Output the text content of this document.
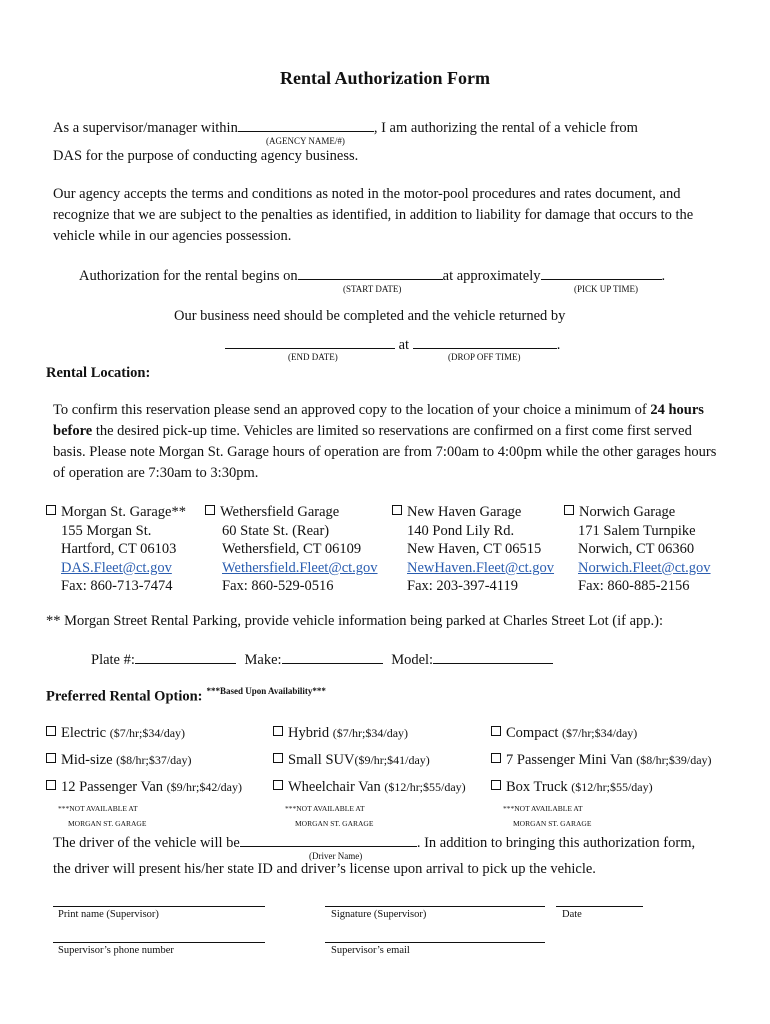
Rental Authorization Form
As a supervisor/manager within	, I am authorizing the rental of a vehicle from
(AGENCY NAME/#)
DAS for the purpose of conducting agency business.
Our agency accepts the terms and conditions as noted in the motor-pool procedures and rates document, and recognize that we are subject to the penalties as identified, in addition to liability for damage that occurs to the vehicle while in our agencies possession.
Authorization for the rental begins on	at approximately	.
(START DATE)	(PICK UP TIME)
Our business need should be completed and the vehicle returned by
at	.
(END DATE)	(DROP OFF TIME)
Rental Location:
To confirm this reservation please send an approved copy to the location of your choice a minimum of 24 hours before the desired pick-up time. Vehicles are limited so reservations are confirmed on a first come first served basis. Please note Morgan St. Garage hours of operation are from 7:00am to 4:00pm while the other garages hours of operation are 7:30am to 3:30pm.
Morgan St. Garage**
155 Morgan St.
Hartford, CT 06103
DAS.Fleet@ct.gov
Fax: 860-713-7474
Wethersfield Garage
60 State St. (Rear)
Wethersfield, CT 06109
Wethersfield.Fleet@ct.gov
Fax: 860-529-0516
New Haven Garage
140 Pond Lily Rd.
New Haven, CT 06515
NewHaven.Fleet@ct.gov
Fax: 203-397-4119
Norwich Garage
171 Salem Turnpike
Norwich, CT 06360
Norwich.Fleet@ct.gov
Fax: 860-885-2156
** Morgan Street Rental Parking, provide vehicle information being parked at Charles Street Lot (if app.):
Plate #:	Make:	Model:
Preferred Rental Option: $^{***Based Upon Availability***}$
Electric ($7/hr;$34/day)	Hybrid ($7/hr;$34/day)	Compact ($7/hr;$34/day)
Mid-size ($8/hr;$37/day)	Small SUV($9/hr;$41/day)	7 Passenger Mini Van ($8/hr;$39/day)
12 Passenger Van ($9/hr;$42/day)	Wheelchair Van ($12/hr;$55/day)	Box Truck ($12/hr;$55/day)
***NOT AVAILABLE AT
MORGAN ST. GARAGE
***NOT AVAILABLE AT
MORGAN ST. GARAGE
***NOT AVAILABLE AT
MORGAN ST. GARAGE
The driver of the vehicle will be	. In addition to bringing this authorization form,
(Driver Name)
the driver will present his/her state ID and driver’s license upon arrival to pick up the vehicle.
Print name (Supervisor)	Signature (Supervisor)	Date
Supervisor’s phone number	Supervisor’s email
